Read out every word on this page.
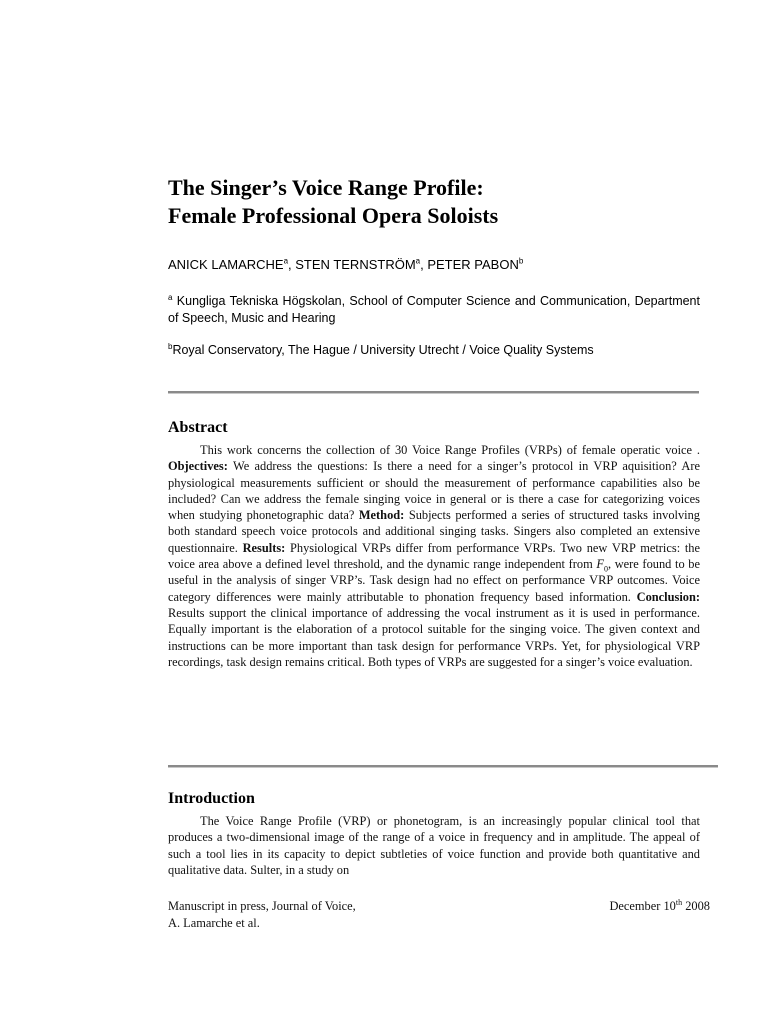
The Singer’s Voice Range Profile:
Female Professional Opera Soloists

ANICK LAMARCHE$^a$, STEN TERNSTRÖM$^a$, PETER PABON$^b$

$^a$ Kungliga Tekniska Högskolan, School of Computer Science and Communication, Department of Speech, Music and Hearing

$^b$Royal Conservatory, The Hague / University Utrecht / Voice Quality Systems

Abstract

This work concerns the collection of 30 Voice Range Profiles (VRPs) of female operatic voice . Objectives: We address the questions: Is there a need for a singer’s protocol in VRP aquisition? Are physiological measurements sufficient or should the measurement of performance capabilities also be included? Can we address the female singing voice in general or is there a case for categorizing voices when studying phonetographic data? Method: Subjects performed a series of structured tasks involving both standard speech voice protocols and additional singing tasks. Singers also completed an extensive questionnaire. Results: Physiological VRPs differ from performance VRPs. Two new VRP metrics: the voice area above a defined level threshold, and the dynamic range independent from $F_0$, were found to be useful in the analysis of singer VRP’s. Task design had no effect on performance VRP outcomes. Voice category differences were mainly attributable to phonation frequency based information. Conclusion: Results support the clinical importance of addressing the vocal instrument as it is used in performance. Equally important is the elaboration of a protocol suitable for the singing voice. The given context and instructions can be more important than task design for performance VRPs. Yet, for physiological VRP recordings, task design remains critical. Both types of VRPs are suggested for a singer’s voice evaluation.

Introduction

The Voice Range Profile (VRP) or phonetogram, is an increasingly popular clinical tool that produces a two-dimensional image of the range of a voice in frequency and in amplitude. The appeal of such a tool lies in its capacity to depict subtleties of voice function and provide both quantitative and qualitative data. Sulter, in a study on

Manuscript in press, Journal of Voice,	December 10th 2008
A. Lamarche et al.
